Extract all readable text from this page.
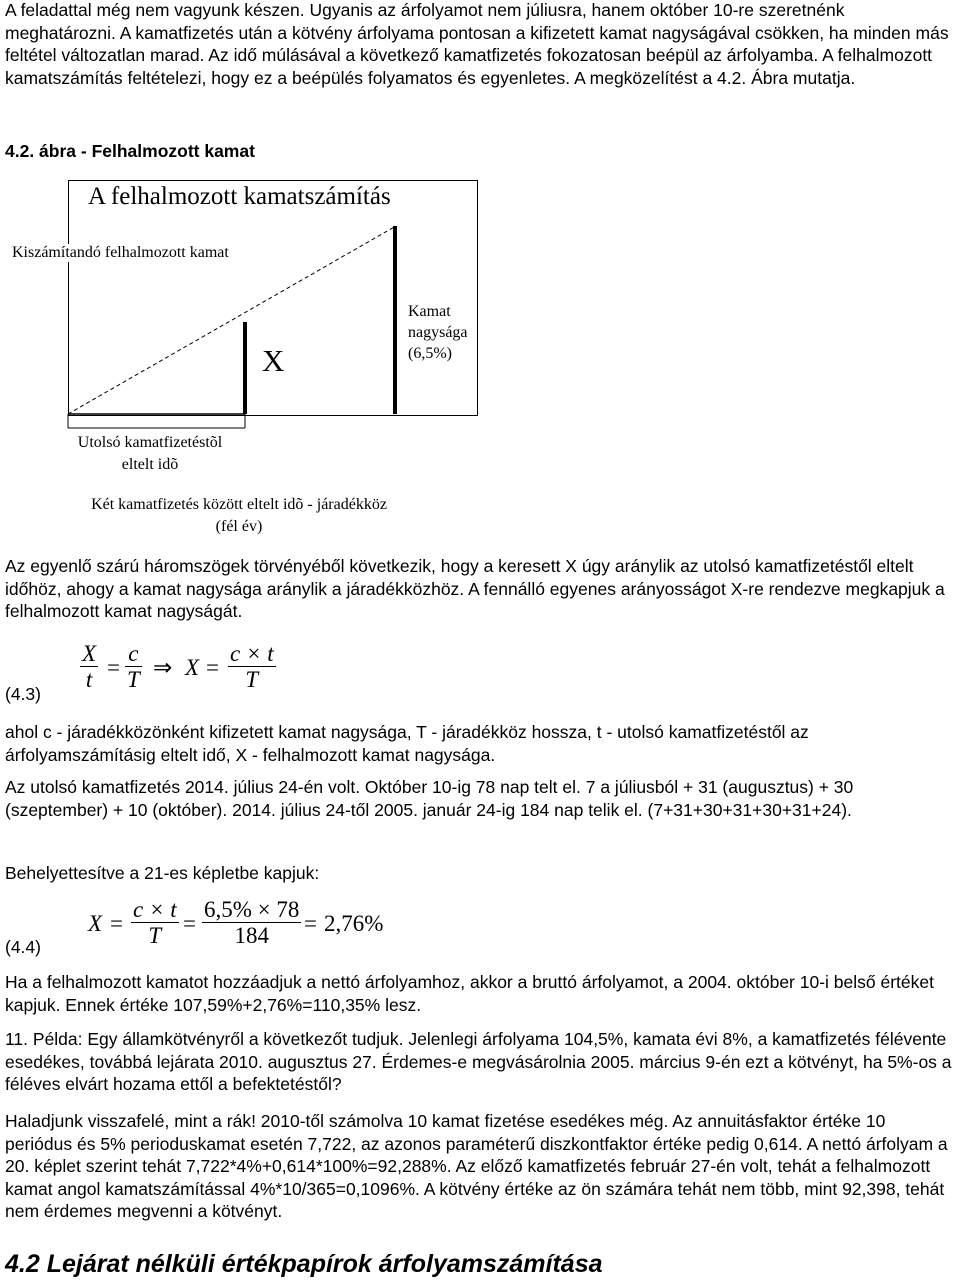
A feladattal még nem vagyunk készen. Ugyanis az árfolyamot nem júliusra, hanem október 10-re szeretnénk meghatározni. A kamatfizetés után a kötvény árfolyama pontosan a kifizetett kamat nagyságával csökken, ha minden más feltétel változatlan marad. Az idő múlásával a következő kamatfizetés fokozatosan beépül az árfolyamba. A felhalmozott kamatszámítás feltételezi, hogy ez a beépülés folyamatos és egyenletes. A megközelítést a 4.2. Ábra mutatja.

4.2. ábra - Felhalmozott kamat

A felhalmozott kamatszámítás
Kiszámítandó felhalmozott kamat
X
Kamat
nagysága
(6,5%)
Utolsó kamatfizetéstõl
eltelt idõ
Két kamatfizetés között eltelt idõ - járadékköz
(fél év)

Az egyenlő szárú háromszögek törvényéből következik, hogy a keresett X úgy aránylik az utolsó kamatfizetéstől eltelt időhöz, ahogy a kamat nagysága aránylik a járadékközhöz. A fennálló egyenes arányosságot X-re rendezve megkapjuk a felhalmozott kamat nagyságát.

(4.3)
X
t =
c
T ⇒ X =
c × t
T

ahol c - járadékközönként kifizetett kamat nagysága, T - járadékköz hossza, t - utolsó kamatfizetéstől az árfolyamszámításig eltelt idő, X - felhalmozott kamat nagysága.

Az utolsó kamatfizetés 2014. július 24-én volt. Október 10-ig 78 nap telt el. 7 a júliusból + 31 (augusztus) + 30 (szeptember) + 10 (október). 2014. július 24-től 2005. január 24-ig 184 nap telik el. (7+31+30+31+30+31+24).

Behelyettesítve a 21-es képletbe kapjuk:

(4.4)
X =
c × t
T =
6,5% × 78
184 = 2,76%

Ha a felhalmozott kamatot hozzáadjuk a nettó árfolyamhoz, akkor a bruttó árfolyamot, a 2004. október 10-i belső értéket kapjuk. Ennek értéke 107,59%+2,76%=110,35% lesz.

11. Példa: Egy államkötvényről a következőt tudjuk. Jelenlegi árfolyama 104,5%, kamata évi 8%, a kamatfizetés félévente esedékes, továbbá lejárata 2010. augusztus 27. Érdemes-e megvásárolnia 2005. március 9-én ezt a kötvényt, ha 5%-os a féléves elvárt hozama ettől a befektetéstől?

Haladjunk visszafelé, mint a rák! 2010-től számolva 10 kamat fizetése esedékes még. Az annuitásfaktor értéke 10 periódus és 5% perioduskamat esetén 7,722, az azonos paraméterű diszkontfaktor értéke pedig 0,614. A nettó árfolyam a 20. képlet szerint tehát 7,722*4%+0,614*100%=92,288%. Az előző kamatfizetés február 27-én volt, tehát a felhalmozott kamat angol kamatszámítással 4%*10/365=0,1096%. A kötvény értéke az ön számára tehát nem több, mint 92,398, tehát nem érdemes megvenni a kötvényt.

4.2 Lejárat nélküli értékpapírok árfolyamszámítása
